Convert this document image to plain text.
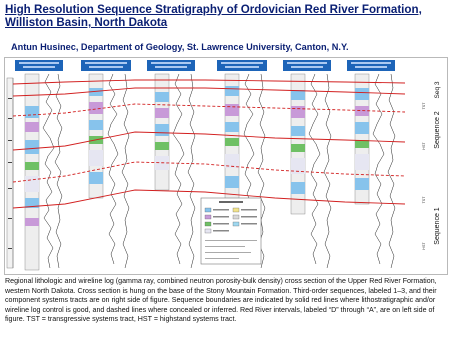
High Resolution Sequence Stratigraphy of Ordovician Red River Formation, Williston Basin, North Dakota
Antun Husinec, Department of Geology, St. Lawrence University, Canton, N.Y.
Sequence 2
Seq 3
Sequence 1
TST
HST
TST
HST
Regional lithologic and wireline log (gamma ray, combined neutron porosity-bulk density) cross section of the Upper Red River Formation, western North Dakota. Cross section is hung on the base of the Stony Mountain Formation. Third-order sequences, labeled 1–3, and their component systems tracts are on right side of figure. Sequence boundaries are indicated by solid red lines where lithostratigraphic and/or wireline log control is good, and dashed lines where concealed or inferred. Red River intervals, labeled “D” through “A”, are on left side of figure. TST = transgressive systems tract, HST = highstand systems tract.
